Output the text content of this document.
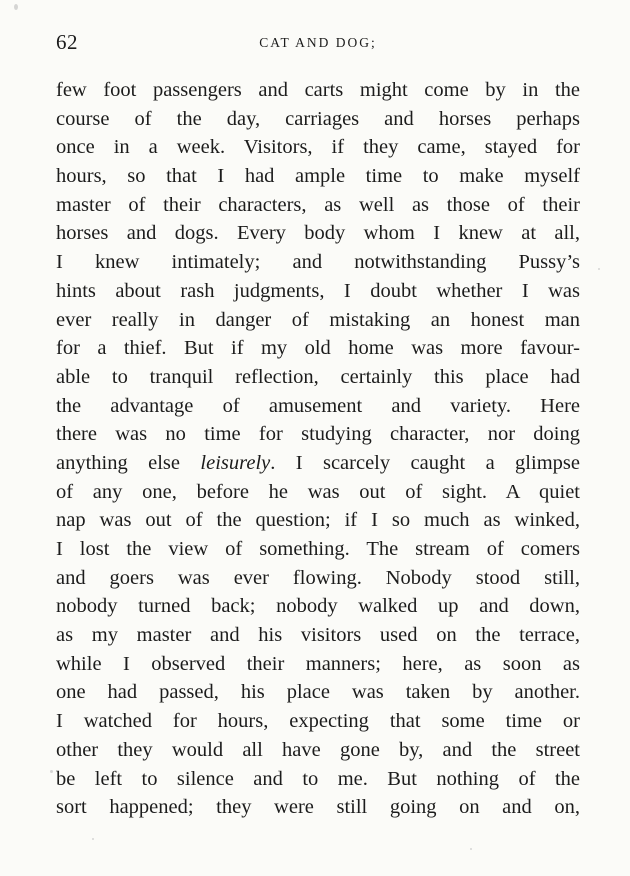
62	CAT AND DOG;
few foot passengers and carts might come by in the
course of the day, carriages and horses perhaps
once in a week. Visitors, if they came, stayed for
hours, so that I had ample time to make myself
master of their characters, as well as those of their
horses and dogs. Every body whom I knew at all,
I knew intimately; and notwithstanding Pussy’s
hints about rash judgments, I doubt whether I was
ever really in danger of mistaking an honest man
for a thief. But if my old home was more favour-
able to tranquil reflection, certainly this place had
the advantage of amusement and variety. Here
there was no time for studying character, nor doing
anything else leisurely. I scarcely caught a glimpse
of any one, before he was out of sight. A quiet
nap was out of the question; if I so much as winked,
I lost the view of something. The stream of comers
and goers was ever flowing. Nobody stood still,
nobody turned back; nobody walked up and down,
as my master and his visitors used on the terrace,
while I observed their manners; here, as soon as
one had passed, his place was taken by another.
I watched for hours, expecting that some time or
other they would all have gone by, and the street
be left to silence and to me. But nothing of the
sort happened; they were still going on and on,
